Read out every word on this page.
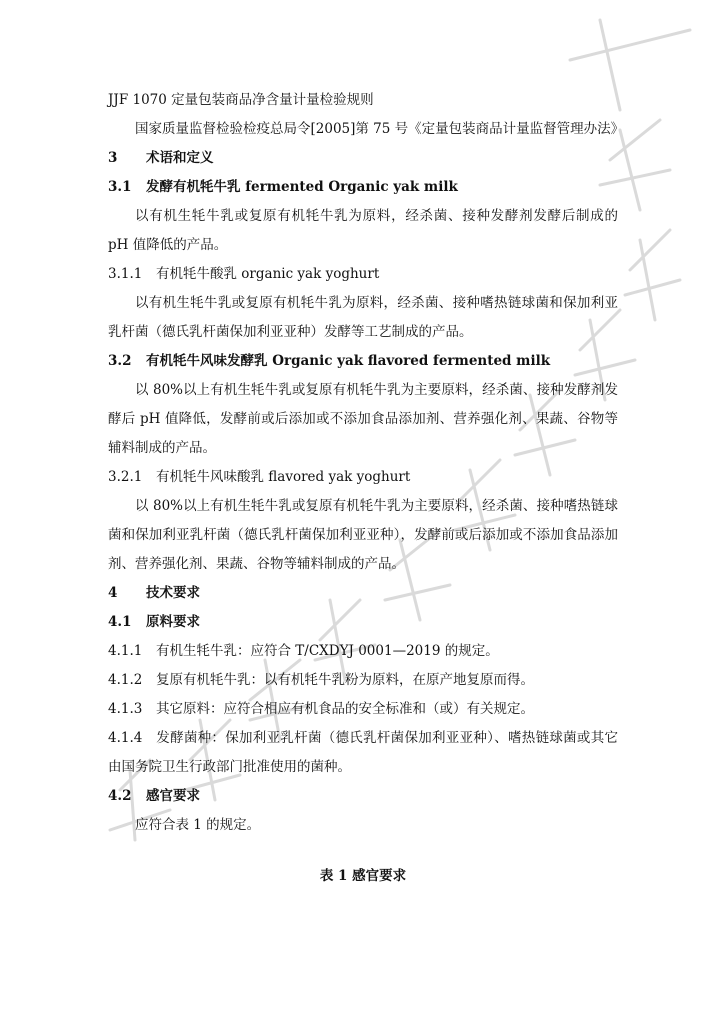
JJF 1070 定量包装商品净含量计量检验规则
国家质量监督检验检疫总局令[2005]第 75 号《定量包装商品计量监督管理办法》
3 术语和定义
3.1 发酵有机牦牛乳 fermented Organic yak milk
以有机生牦牛乳或复原有机牦牛乳为原料，经杀菌、接种发酵剂发酵后制成的 pH 值降低的产品。
3.1.1 有机牦牛酸乳 organic yak yoghurt
以有机生牦牛乳或复原有机牦牛乳为原料，经杀菌、接种嗜热链球菌和保加利亚乳杆菌（德氏乳杆菌保加利亚亚种）发酵等工艺制成的产品。
3.2 有机牦牛风味发酵乳 Organic yak flavored fermented milk
以 80%以上有机生牦牛乳或复原有机牦牛乳为主要原料，经杀菌、接种发酵剂发酵后 pH 值降低，发酵前或后添加或不添加食品添加剂、营养强化剂、果蔬、谷物等辅料制成的产品。
3.2.1 有机牦牛风味酸乳 flavored yak yoghurt
以 80%以上有机生牦牛乳或复原有机牦牛乳为主要原料，经杀菌、接种嗜热链球菌和保加利亚乳杆菌（德氏乳杆菌保加利亚亚种），发酵前或后添加或不添加食品添加剂、营养强化剂、果蔬、谷物等辅料制成的产品。
4 技术要求
4.1 原料要求
4.1.1 有机生牦牛乳：应符合 T/CXDYJ 0001—2019 的规定。
4.1.2 复原有机牦牛乳：以有机牦牛乳粉为原料，在原产地复原而得。
4.1.3 其它原料：应符合相应有机食品的安全标准和（或）有关规定。
4.1.4 发酵菌种：保加利亚乳杆菌（德氏乳杆菌保加利亚亚种）、嗜热链球菌或其它由国务院卫生行政部门批准使用的菌种。
4.2 感官要求
应符合表 1 的规定。
表 1 感官要求
